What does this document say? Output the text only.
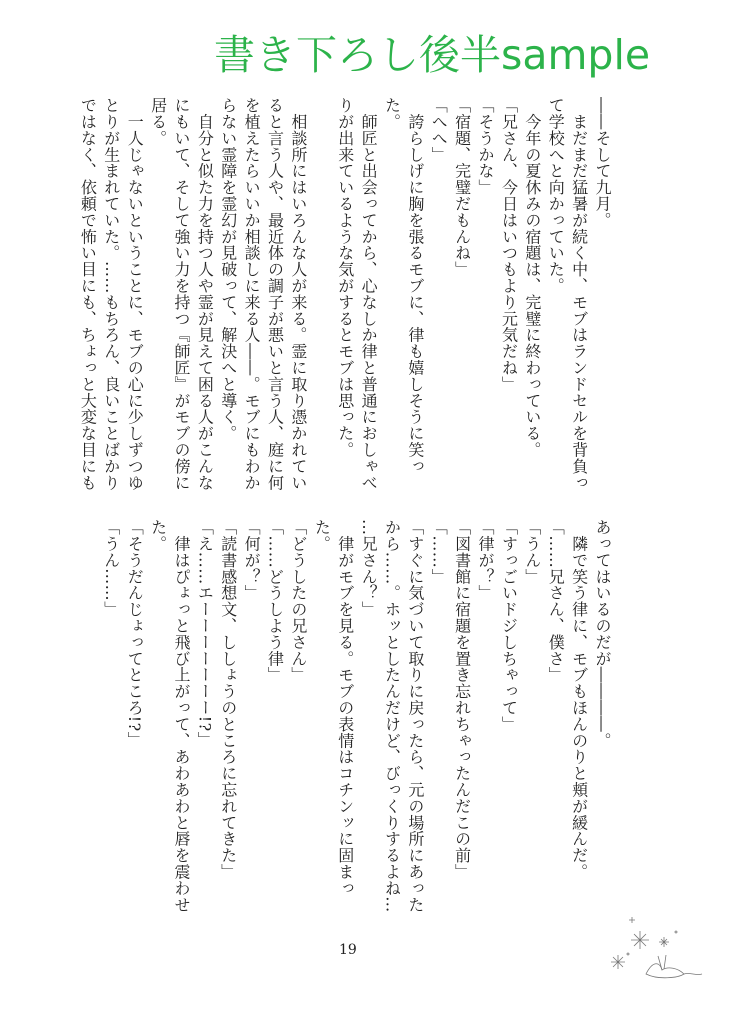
書き下ろし後半sample
――そして九月。
　まだまだ猛暑が続く中、モブはランドセルを背負っ
て学校へと向かっていた。
　今年の夏休みの宿題は、完璧に終わっている。
「兄さん、今日はいつもより元気だね」
「そうかな」
「宿題、完璧だもんね」
「へへ」
　誇らしげに胸を張るモブに、律も嬉しそうに笑っ
た。
　師匠と出会ってから、心なしか律と普通におしゃべ
りが出来ているような気がするとモブは思った。

　相談所にはいろんな人が来る。霊に取り憑かれてい
ると言う人や、最近体の調子が悪いと言う人、庭に何
を植えたらいいか相談しに来る人――。モブにもわか
らない霊障を霊幻が見破って、解決へと導く。
　自分と似た力を持つ人や霊が見えて困る人がこんな
にもいて、そして強い力を持つ『師匠』がモブの傍に
居る。
　一人じゃないということに、モブの心に少しずつゆ
とりが生まれていた。……もちろん、良いことばかり
ではなく、依頼で怖い目にも、ちょっと大変な目にも
あってはいるのだが――――。
　隣で笑う律に、モブもほんのりと頬が緩んだ。
「……兄さん、僕さ」
「うん」
「すっごいドジしちゃって」
「律が？」
「図書館に宿題を置き忘れちゃったんだこの前」
「……」
「すぐに気づいて取りに戻ったら、元の場所にあった
から……。ホッとしたんだけど、びっくりするよね…
…兄さん？」
　律がモブを見る。モブの表情はコチンッに固まっ
た。
「どうしたの兄さん」
「……どうしよう律」
「何が？」
「読書感想文、ししょうのところに忘れてきた」
「え……エーーーーーーー!?」
　律はぴょっと飛び上がって、あわあわと唇を震わせ
た。
「そうだんじょってところ!?」
「うん……」
19
